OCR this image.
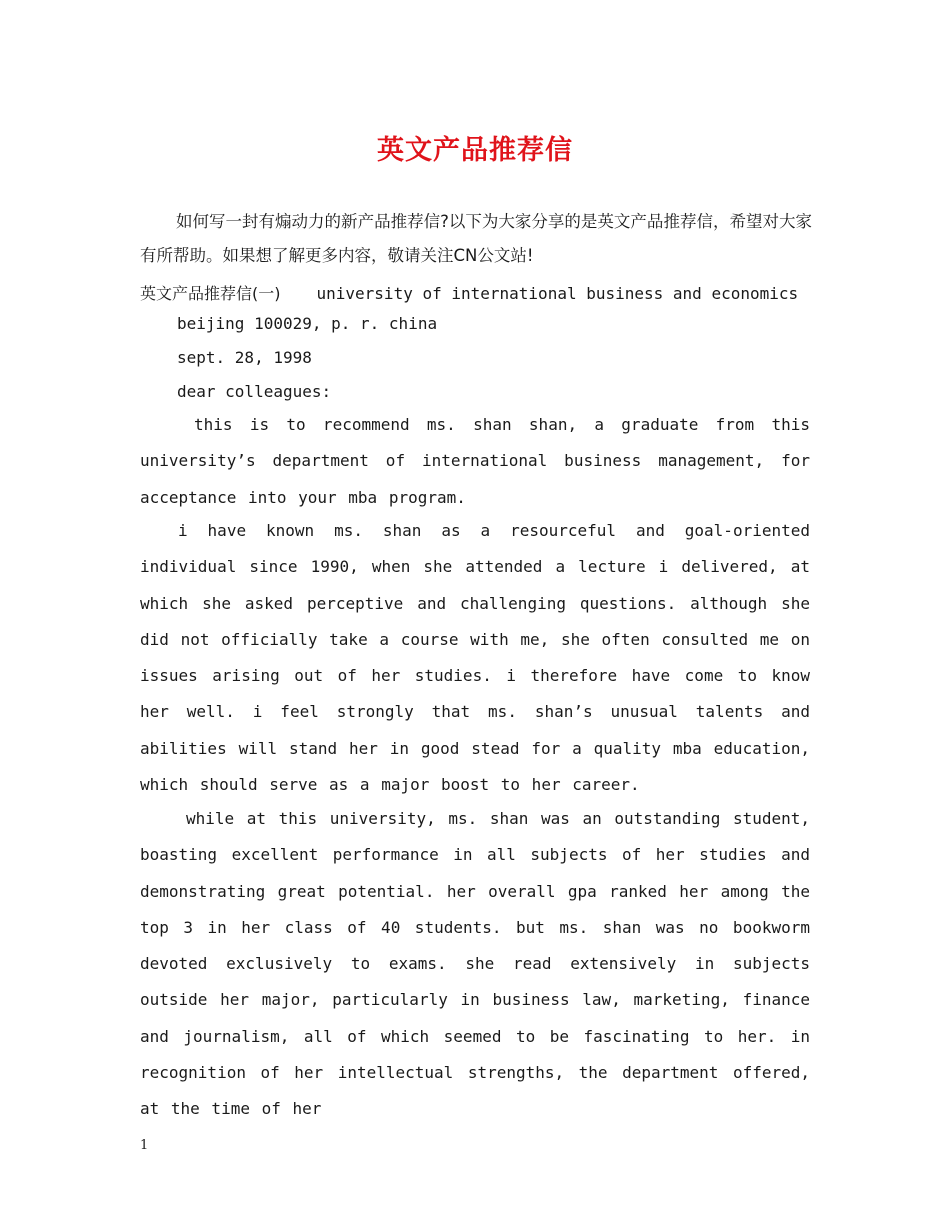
英文产品推荐信

如何写一封有煽动力的新产品推荐信?以下为大家分享的是英文产品推荐信，希望对大家有所帮助。如果想了解更多内容，敬请关注CN公文站!

英文产品推荐信(一) university of international business and economics
beijing 100029, p. r. china
sept. 28, 1998
dear colleagues:

this is to recommend ms. shan shan, a graduate from this university’s department of international business management, for acceptance into your mba program.

i have known ms. shan as a resourceful and goal-oriented individual since 1990, when she attended a lecture i delivered, at which she asked perceptive and challenging questions. although she did not officially take a course with me, she often consulted me on issues arising out of her studies. i therefore have come to know her well. i feel strongly that ms. shan’s unusual talents and abilities will stand her in good stead for a quality mba education, which should serve as a major boost to her career.

while at this university, ms. shan was an outstanding student, boasting excellent performance in all subjects of her studies and demonstrating great potential. her overall gpa ranked her among the top 3 in her class of 40 students. but ms. shan was no bookworm devoted exclusively to exams. she read extensively in subjects outside her major, particularly in business law, marketing, finance and journalism, all of which seemed to be fascinating to her. in recognition of her intellectual strengths, the department offered, at the time of her

1
